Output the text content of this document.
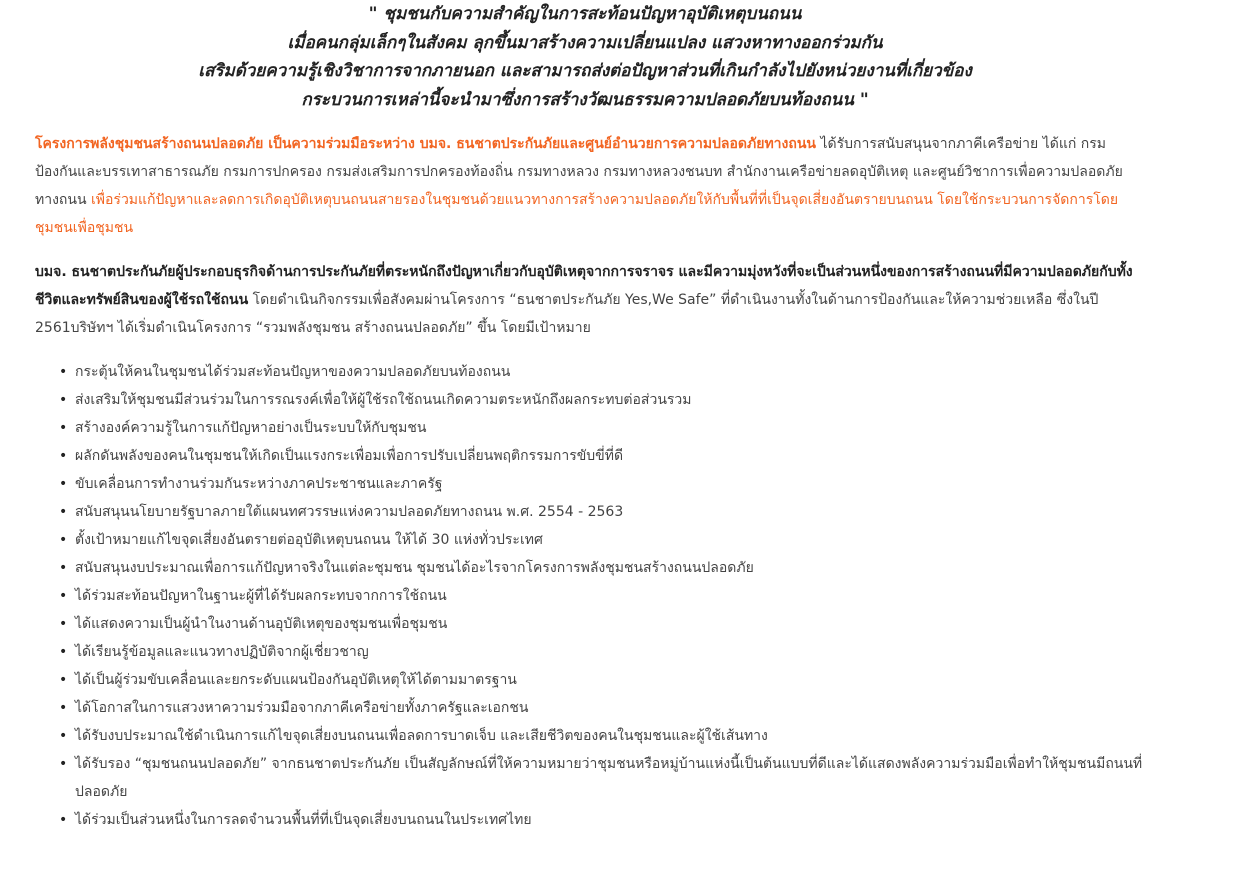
" ชุมชนกับความสำคัญในการสะท้อนปัญหาอุบัติเหตุบนถนน
เมื่อคนกลุ่มเล็กๆในสังคม ลุกขึ้นมาสร้างความเปลี่ยนแปลง แสวงหาทางออกร่วมกัน
เสริมด้วยความรู้เชิงวิชาการจากภายนอก และสามารถส่งต่อปัญหาส่วนที่เกินกำลังไปยังหน่วยงานที่เกี่ยวข้อง
กระบวนการเหล่านี้จะนำมาซึ่งการสร้างวัฒนธรรมความปลอดภัยบนท้องถนน "

โครงการพลังชุมชนสร้างถนนปลอดภัย เป็นความร่วมมือระหว่าง บมจ. ธนชาตประกันภัยและศูนย์อำนวยการความปลอดภัยทางถนน ได้รับการสนับสนุนจากภาคีเครือข่าย ได้แก่ กรมป้องกันและบรรเทาสาธารณภัย กรมการปกครอง กรมส่งเสริมการปกครองท้องถิ่น กรมทางหลวง กรมทางหลวงชนบท สำนักงานเครือข่ายลดอุบัติเหตุ และศูนย์วิชาการเพื่อความปลอดภัยทางถนน เพื่อร่วมแก้ปัญหาและลดการเกิดอุบัติเหตุบนถนนสายรองในชุมชนด้วยแนวทางการสร้างความปลอดภัยให้กับพื้นที่ที่เป็นจุดเสี่ยงอันตรายบนถนน โดยใช้กระบวนการจัดการโดยชุมชนเพื่อชุมชน

บมจ. ธนชาตประกันภัยผู้ประกอบธุรกิจด้านการประกันภัยที่ตระหนักถึงปัญหาเกี่ยวกับอุบัติเหตุจากการจราจร และมีความมุ่งหวังที่จะเป็นส่วนหนึ่งของการสร้างถนนที่มีความปลอดภัยกับทั้งชีวิตและทรัพย์สินของผู้ใช้รถใช้ถนน โดยดำเนินกิจกรรมเพื่อสังคมผ่านโครงการ “ธนชาตประกันภัย Yes,We Safe” ที่ดำเนินงานทั้งในด้านการป้องกันและให้ความช่วยเหลือ ซึ่งในปี 2561บริษัทฯ ได้เริ่มดำเนินโครงการ “รวมพลังชุมชน สร้างถนนปลอดภัย” ขึ้น โดยมีเป้าหมาย

• กระตุ้นให้คนในชุมชนได้ร่วมสะท้อนปัญหาของความปลอดภัยบนท้องถนน
• ส่งเสริมให้ชุมชนมีส่วนร่วมในการรณรงค์เพื่อให้ผู้ใช้รถใช้ถนนเกิดความตระหนักถึงผลกระทบต่อส่วนรวม
• สร้างองค์ความรู้ในการแก้ปัญหาอย่างเป็นระบบให้กับชุมชน
• ผลักดันพลังของคนในชุมชนให้เกิดเป็นแรงกระเพื่อมเพื่อการปรับเปลี่ยนพฤติกรรมการขับขี่ที่ดี
• ขับเคลื่อนการทำงานร่วมกันระหว่างภาคประชาชนและภาครัฐ
• สนับสนุนนโยบายรัฐบาลภายใต้แผนทศวรรษแห่งความปลอดภัยทางถนน พ.ศ. 2554 - 2563
• ตั้งเป้าหมายแก้ไขจุดเสี่ยงอันตรายต่ออุบัติเหตุบนถนน ให้ได้ 30 แห่งทั่วประเทศ
• สนับสนุนงบประมาณเพื่อการแก้ปัญหาจริงในแต่ละชุมชน ชุมชนได้อะไรจากโครงการพลังชุมชนสร้างถนนปลอดภัย
• ได้ร่วมสะท้อนปัญหาในฐานะผู้ที่ได้รับผลกระทบจากการใช้ถนน
• ได้แสดงความเป็นผู้นำในงานด้านอุบัติเหตุของชุมชนเพื่อชุมชน
• ได้เรียนรู้ข้อมูลและแนวทางปฏิบัติจากผู้เชี่ยวชาญ
• ได้เป็นผู้ร่วมขับเคลื่อนและยกระดับแผนป้องกันอุบัติเหตุให้ได้ตามมาตรฐาน
• ได้โอกาสในการแสวงหาความร่วมมือจากภาคีเครือข่ายทั้งภาครัฐและเอกชน
• ได้รับงบประมาณใช้ดำเนินการแก้ไขจุดเสี่ยงบนถนนเพื่อลดการบาดเจ็บ และเสียชีวิตของคนในชุมชนและผู้ใช้เส้นทาง
• ได้รับรอง “ชุมชนถนนปลอดภัย” จากธนชาตประกันภัย เป็นสัญลักษณ์ที่ให้ความหมายว่าชุมชนหรือหมู่บ้านแห่งนี้เป็นต้นแบบที่ดีและได้แสดงพลังความร่วมมือเพื่อทำให้ชุมชนมีถนนที่ปลอดภัย
• ได้ร่วมเป็นส่วนหนึ่งในการลดจำนวนพื้นที่ที่เป็นจุดเสี่ยงบนถนนในประเทศไทย
